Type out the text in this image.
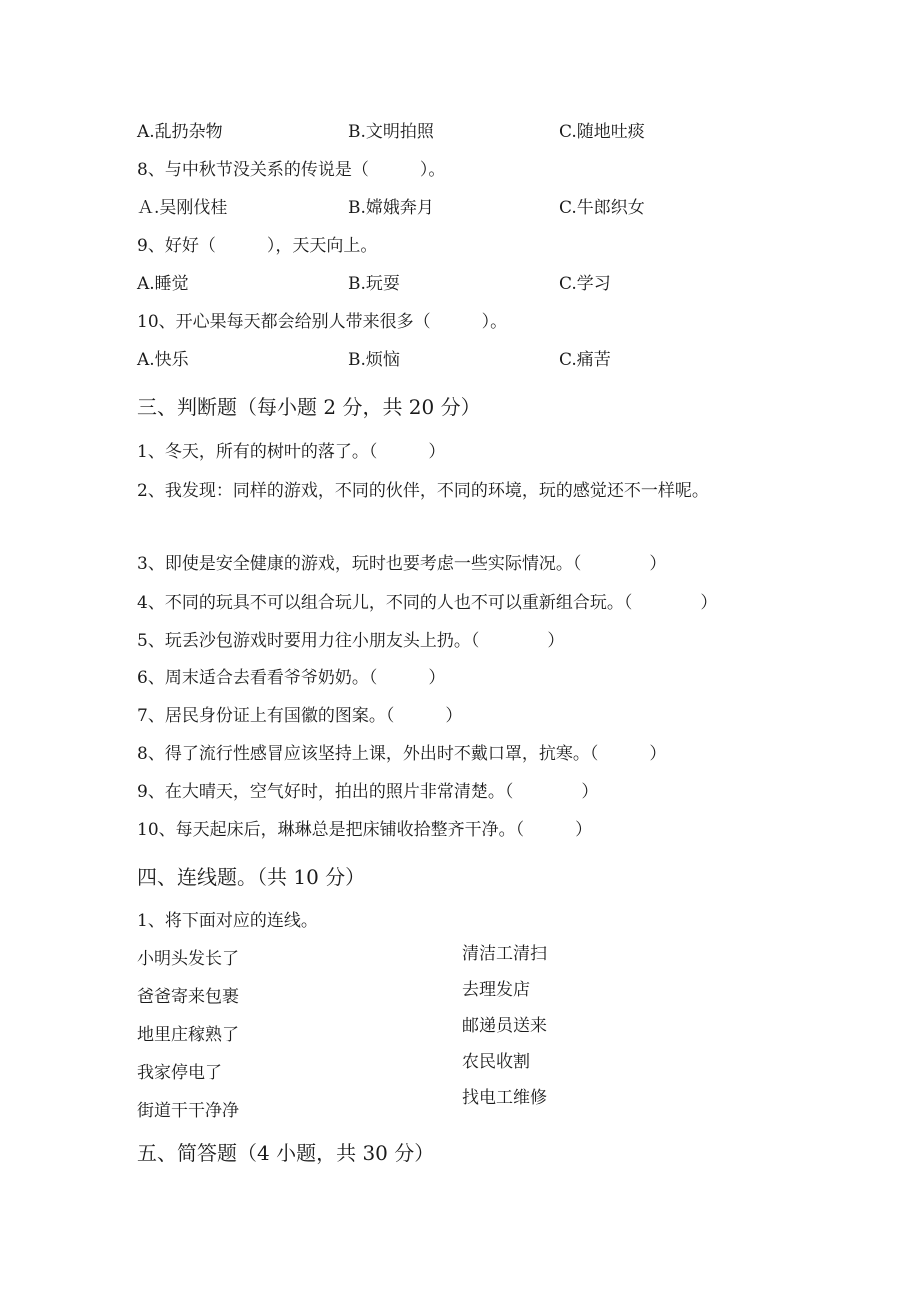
A.乱扔杂物	B.文明拍照	C.随地吐痰
8、与中秋节没关系的传说是（　　　）。
Ａ.吴刚伐桂	B.嫦娥奔月	C.牛郎织女
9、好好（　　　），天天向上。
A.睡觉	B.玩耍	C.学习
10、开心果每天都会给别人带来很多（　　　）。
A.快乐	B.烦恼	C.痛苦
三、判断题（每小题 2 分，共 20 分）
1、冬天，所有的树叶的落了。（　　　）
2、我发现：同样的游戏，不同的伙伴，不同的环境，玩的感觉还不一样呢。
3、即使是安全健康的游戏，玩时也要考虑一些实际情况。（　　　　）
4、不同的玩具不可以组合玩儿，不同的人也不可以重新组合玩。（　　　　）
5、玩丢沙包游戏时要用力往小朋友头上扔。（　　　　）
6、周末适合去看看爷爷奶奶。（　　　）
7、居民身份证上有国徽的图案。（　　　）
8、得了流行性感冒应该坚持上课，外出时不戴口罩，抗寒。（　　　）
9、在大晴天，空气好时，拍出的照片非常清楚。（　　　　）
10、每天起床后，琳琳总是把床铺收拾整齐干净。（　　　）
四、连线题。（共 10 分）
1、将下面对应的连线。
小明头发长了
爸爸寄来包裹
地里庄稼熟了
我家停电了
街道干干净净
清洁工清扫
去理发店
邮递员送来
农民收割
找电工维修
五、简答题（4 小题，共 30 分）
